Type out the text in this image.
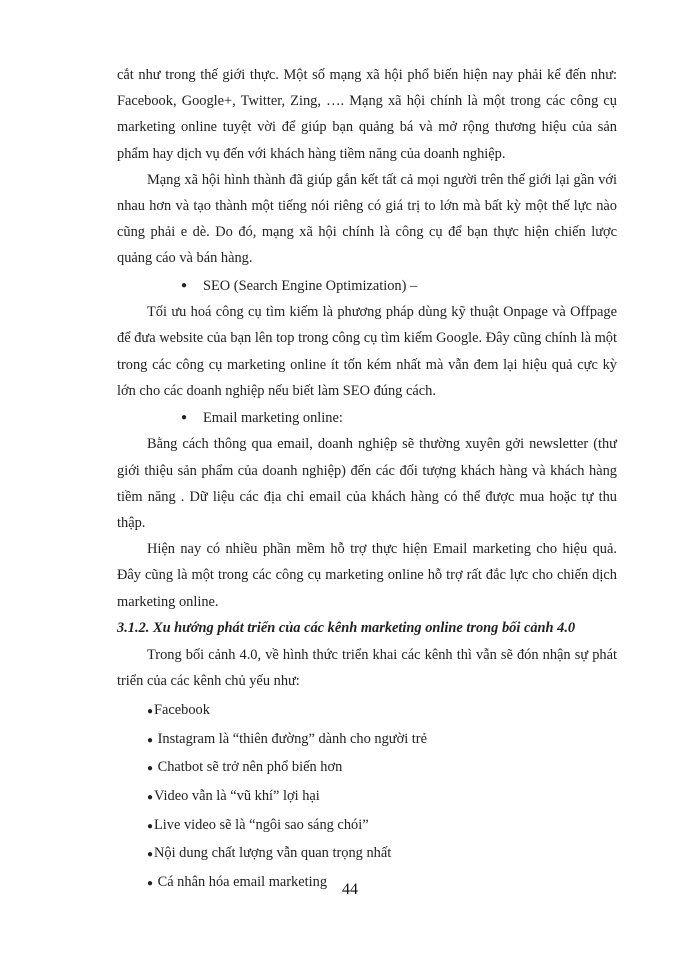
cắt như trong thế giới thực. Một số mạng xã hội phổ biến hiện nay phải kể đến như: Facebook, Google+, Twitter, Zing, …. Mạng xã hội chính là một trong các công cụ marketing online tuyệt vời để giúp bạn quảng bá và mở rộng thương hiệu của sản phẩm hay dịch vụ đến với khách hàng tiềm năng của doanh nghiệp.

Mạng xã hội hình thành đã giúp gắn kết tất cả mọi người trên thế giới lại gần với nhau hơn và tạo thành một tiếng nói riêng có giá trị to lớn mà bất kỳ một thế lực nào cũng phải e dè. Do đó, mạng xã hội chính là công cụ để bạn thực hiện chiến lược quảng cáo và bán hàng.

● SEO (Search Engine Optimization) –

Tối ưu hoá công cụ tìm kiếm là phương pháp dùng kỹ thuật Onpage và Offpage để đưa website của bạn lên top trong công cụ tìm kiếm Google. Đây cũng chính là một trong các công cụ marketing online ít tốn kém nhất mà vẫn đem lại hiệu quả cực kỳ lớn cho các doanh nghiệp nếu biết làm SEO đúng cách.

● Email marketing online:

Bằng cách thông qua email, doanh nghiệp sẽ thường xuyên gởi newsletter (thư giới thiệu sản phẩm của doanh nghiệp) đến các đối tượng khách hàng và khách hàng tiềm năng . Dữ liệu các địa chỉ email của khách hàng có thể được mua hoặc tự thu thập.

Hiện nay có nhiều phần mềm hỗ trợ thực hiện Email marketing cho hiệu quả. Đây cũng là một trong các công cụ marketing online hỗ trợ rất đắc lực cho chiến dịch marketing online.

3.1.2. Xu hướng phát triển của các kênh marketing online trong bối cảnh 4.0

Trong bối cảnh 4.0, về hình thức triển khai các kênh thì vẫn sẽ đón nhận sự phát triển của các kênh chủ yếu như:

●Facebook
● Instagram là “thiên đường” dành cho người trẻ
● Chatbot sẽ trở nên phổ biến hơn
●Video vẫn là “vũ khí” lợi hại
●Live video sẽ là “ngôi sao sáng chói”
●Nội dung chất lượng vẫn quan trọng nhất
● Cá nhân hóa email marketing 44
